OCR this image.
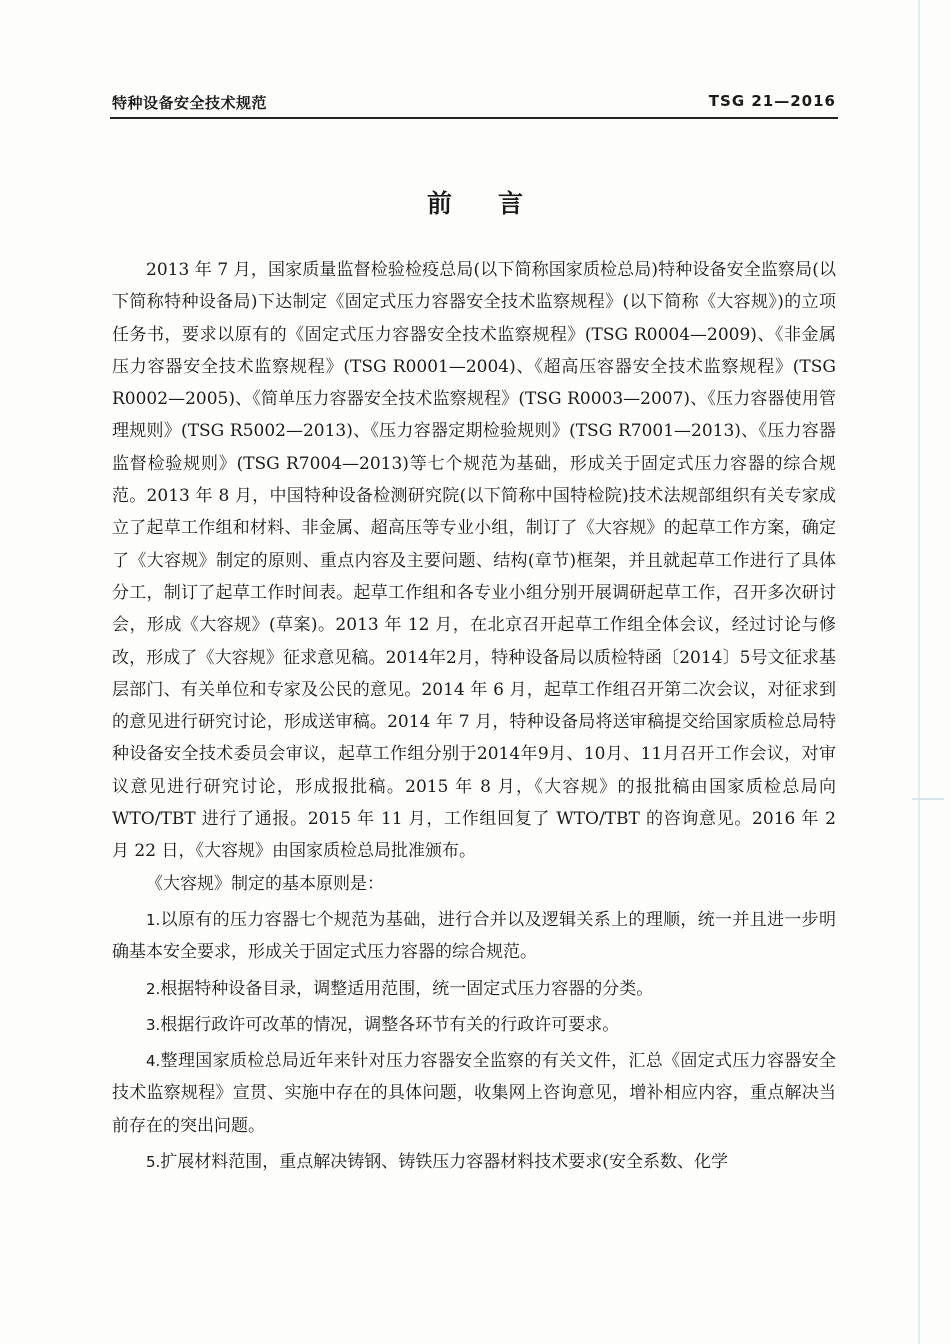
特种设备安全技术规范	TSG 21—2016
前言

2013 年 7 月，国家质量监督检验检疫总局(以下简称国家质检总局)特种设备安全监察局(以下简称特种设备局)下达制定《固定式压力容器安全技术监察规程》(以下简称《大容规》)的立项任务书，要求以原有的《固定式压力容器安全技术监察规程》(TSG R0004—2009)、《非金属压力容器安全技术监察规程》(TSG R0001—2004)、《超高压容器安全技术监察规程》(TSG R0002—2005)、《简单压力容器安全技术监察规程》(TSG R0003—2007)、《压力容器使用管理规则》(TSG R5002—2013)、《压力容器定期检验规则》(TSG R7001—2013)、《压力容器监督检验规则》(TSG R7004—2013)等七个规范为基础，形成关于固定式压力容器的综合规范。2013 年 8 月，中国特种设备检测研究院(以下简称中国特检院)技术法规部组织有关专家成立了起草工作组和材料、非金属、超高压等专业小组，制订了《大容规》的起草工作方案，确定了《大容规》制定的原则、重点内容及主要问题、结构(章节)框架，并且就起草工作进行了具体分工，制订了起草工作时间表。起草工作组和各专业小组分别开展调研起草工作，召开多次研讨会，形成《大容规》(草案)。2013 年 12 月，在北京召开起草工作组全体会议，经过讨论与修改，形成了《大容规》征求意见稿。2014年2月，特种设备局以质检特函〔2014〕5号文征求基层部门、有关单位和专家及公民的意见。2014 年 6 月，起草工作组召开第二次会议，对征求到的意见进行研究讨论，形成送审稿。2014 年 7 月，特种设备局将送审稿提交给国家质检总局特种设备安全技术委员会审议，起草工作组分别于2014年9月、10月、11月召开工作会议，对审议意见进行研究讨论，形成报批稿。2015 年 8 月，《大容规》的报批稿由国家质检总局向 WTO/TBT 进行了通报。2015 年 11 月，工作组回复了 WTO/TBT 的咨询意见。2016 年 2 月 22 日，《大容规》由国家质检总局批准颁布。

《大容规》制定的基本原则是：

1.以原有的压力容器七个规范为基础，进行合并以及逻辑关系上的理顺，统一并且进一步明确基本安全要求，形成关于固定式压力容器的综合规范。

2.根据特种设备目录，调整适用范围，统一固定式压力容器的分类。

3.根据行政许可改革的情况，调整各环节有关的行政许可要求。

4.整理国家质检总局近年来针对压力容器安全监察的有关文件，汇总《固定式压力容器安全技术监察规程》宣贯、实施中存在的具体问题，收集网上咨询意见，增补相应内容，重点解决当前存在的突出问题。

5.扩展材料范围，重点解决铸钢、铸铁压力容器材料技术要求(安全系数、化学
